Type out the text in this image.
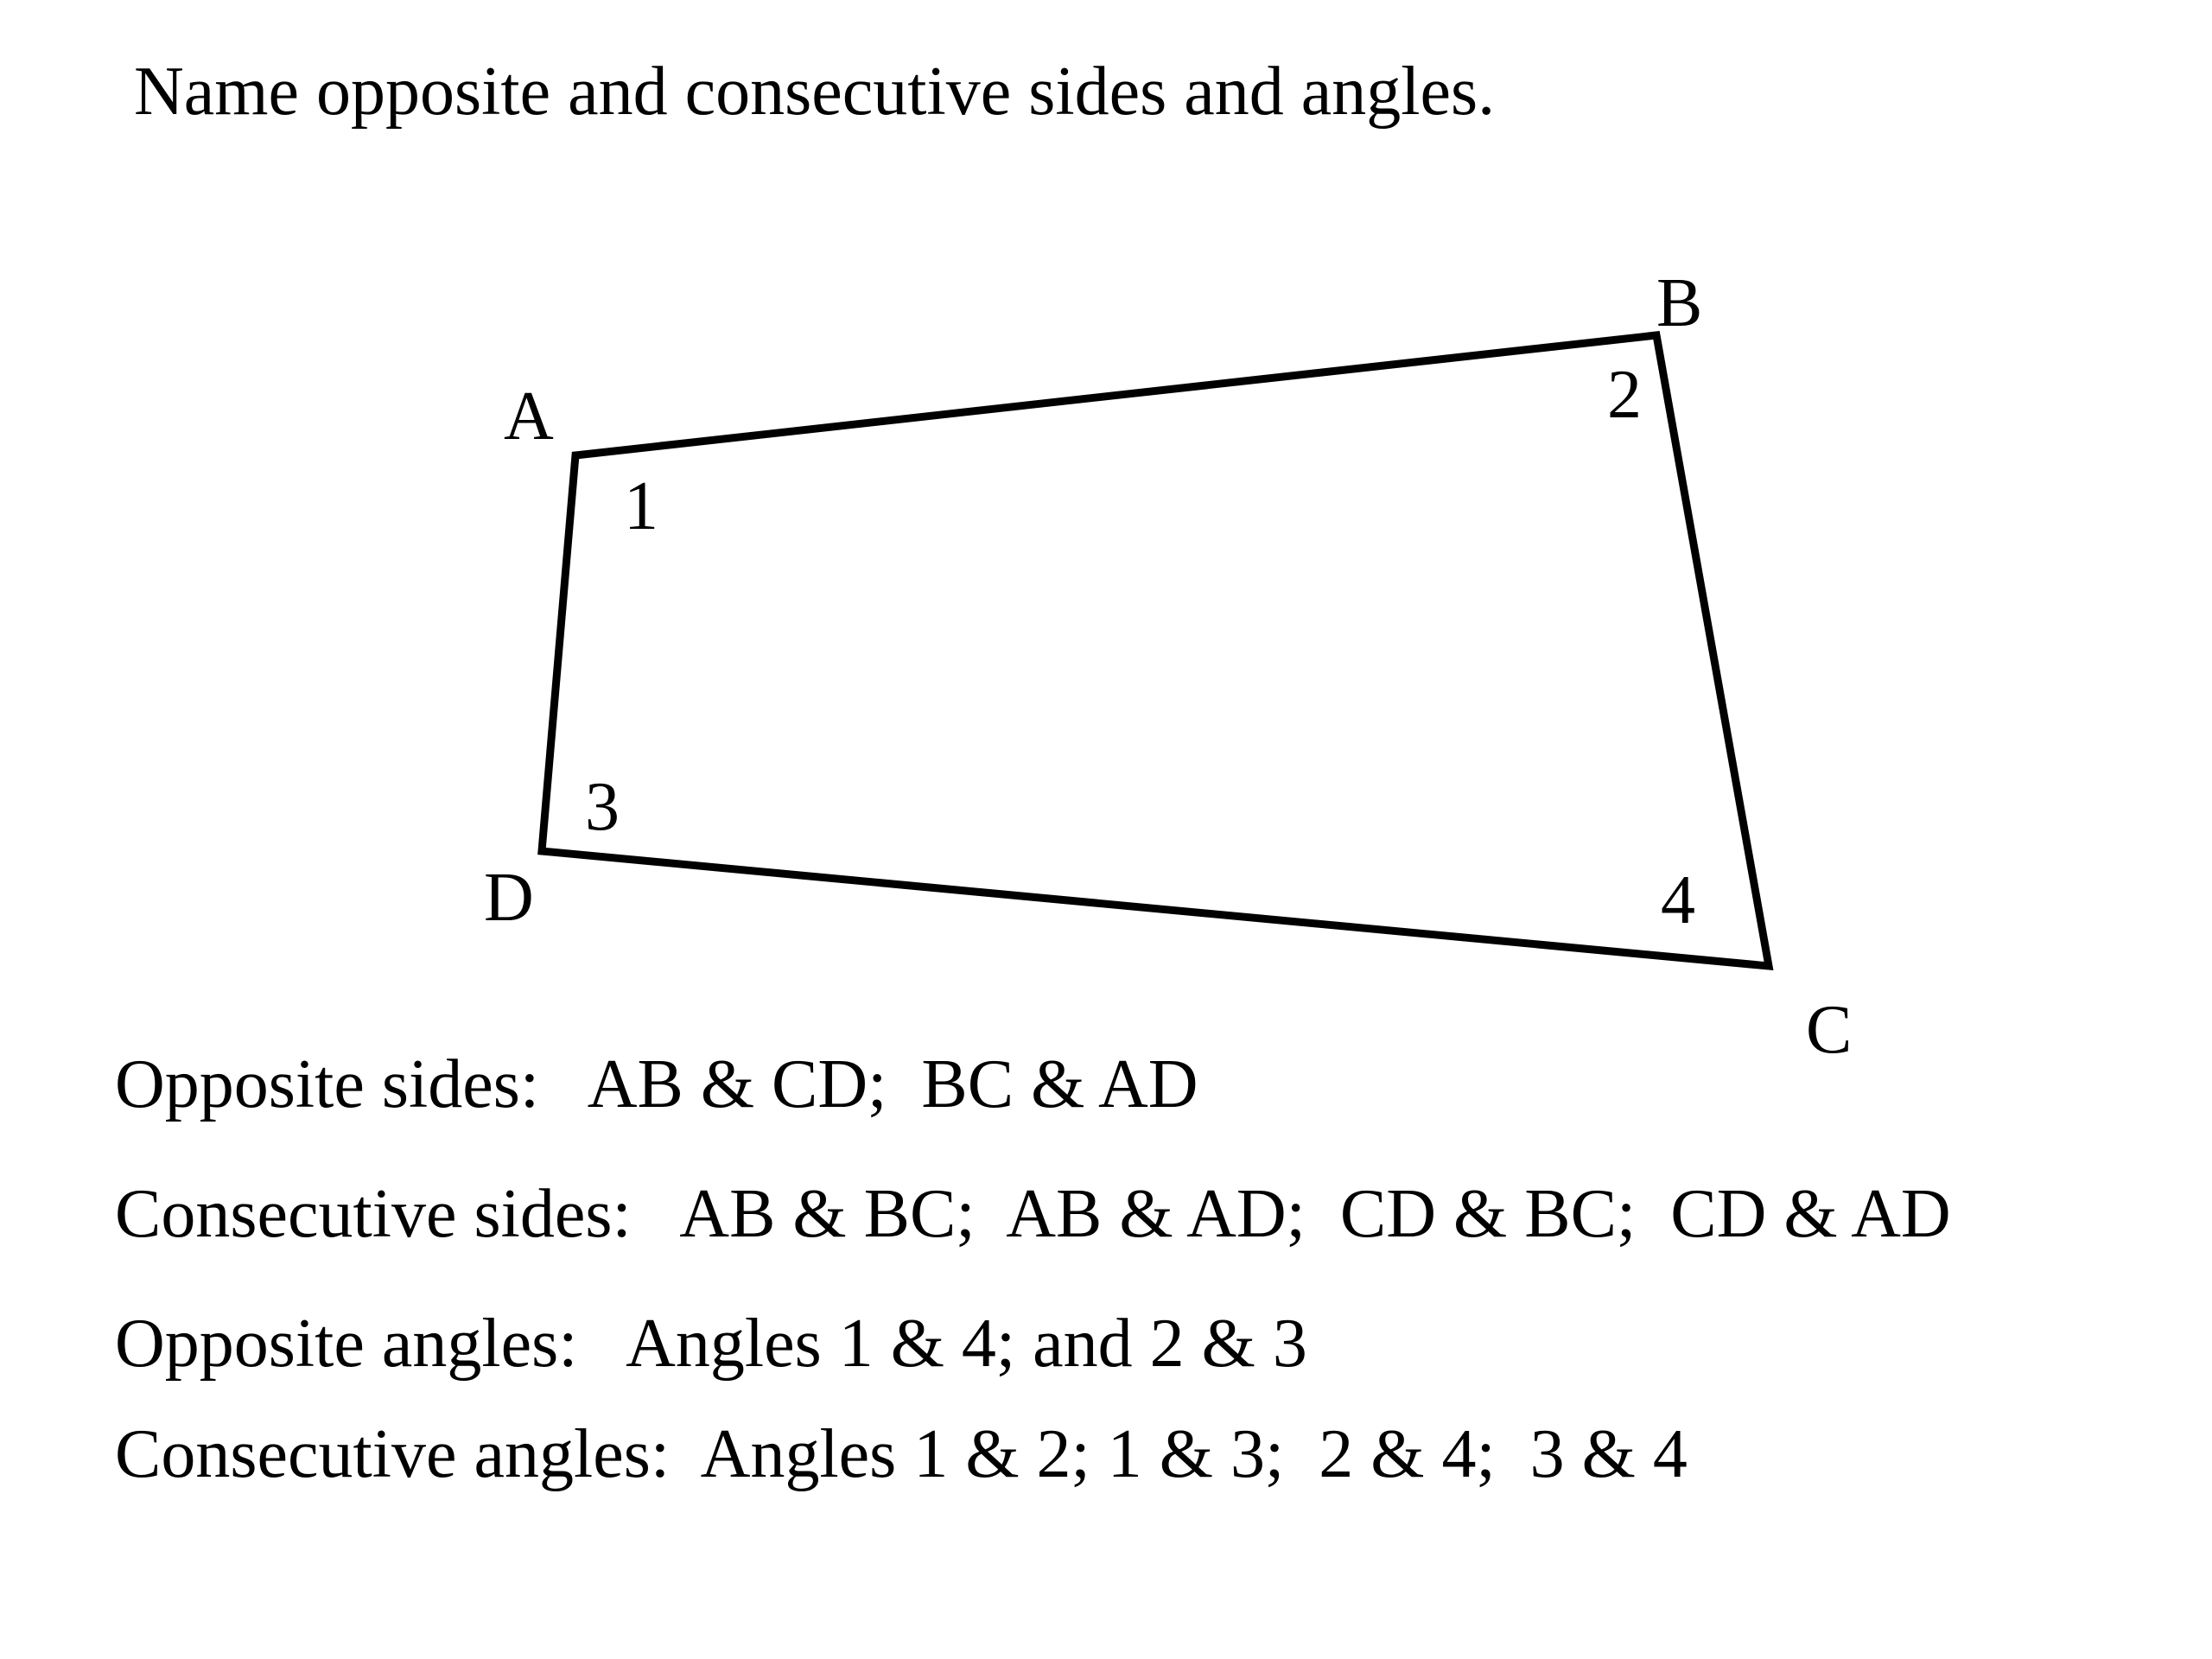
Name opposite and consecutive sides and angles.
A
B
C
D
1
2
3
4
Opposite sides: AB & CD;  BC & AD
Consecutive sides: AB & BC;  AB & AD;  CD & BC;  CD & AD
Opposite angles: Angles 1 & 4; and 2 & 3
Consecutive angles: Angles 1 & 2; 1 & 3;  2 & 4;  3 & 4
